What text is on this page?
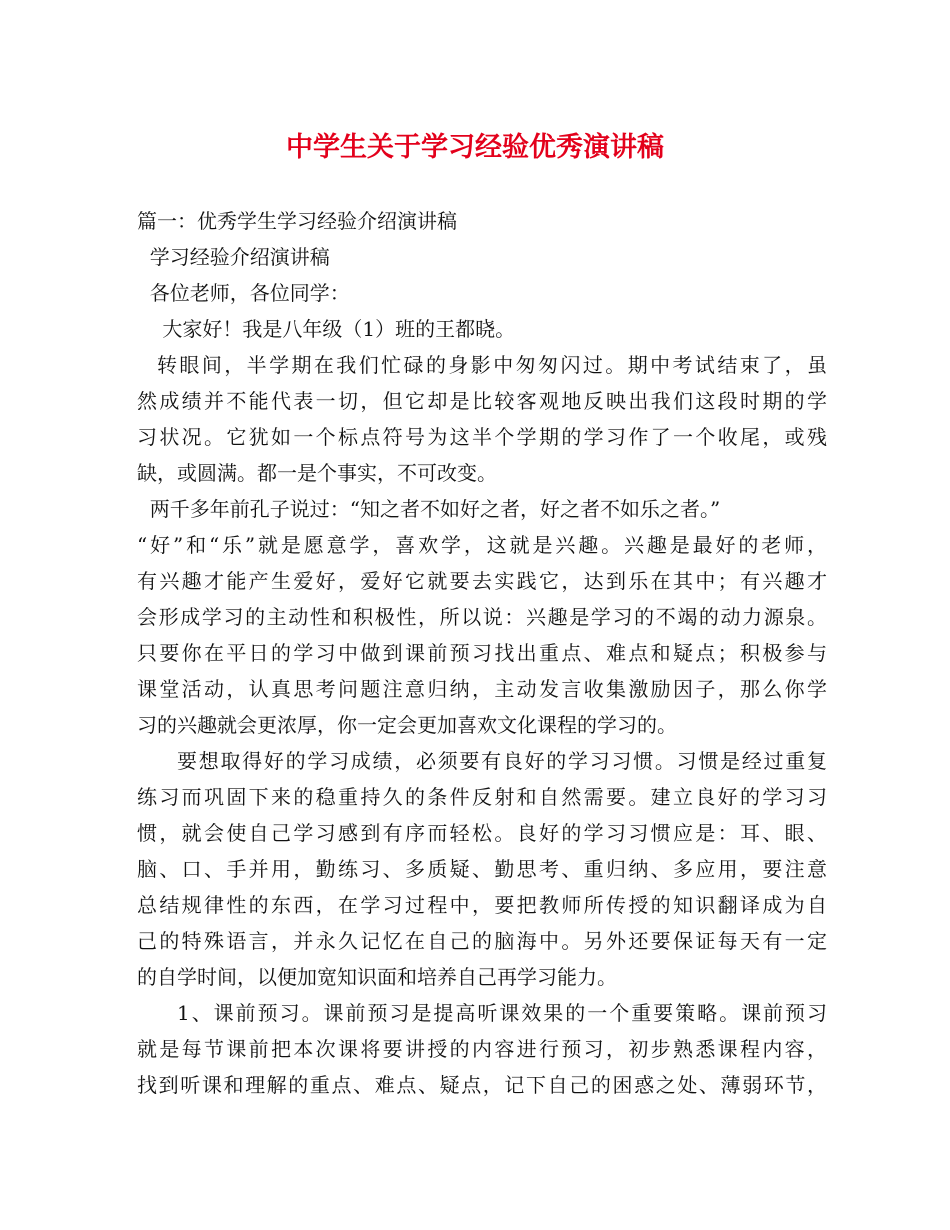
中学生关于学习经验优秀演讲稿
篇一：优秀学生学习经验介绍演讲稿
学习经验介绍演讲稿
各位老师，各位同学：
大家好！我是八年级（1）班的王都晓。
转眼间，半学期在我们忙碌的身影中匆匆闪过。期中考试结束了，虽
然成绩并不能代表一切，但它却是比较客观地反映出我们这段时期的学
习状况。它犹如一个标点符号为这半个学期的学习作了一个收尾，或残
缺，或圆满。都一是个事实，不可改变。
两千多年前孔子说过：“知之者不如好之者，好之者不如乐之者。”
“好”和“乐”就是愿意学，喜欢学，这就是兴趣。兴趣是最好的老师，
有兴趣才能产生爱好，爱好它就要去实践它，达到乐在其中；有兴趣才
会形成学习的主动性和积极性，所以说：兴趣是学习的不竭的动力源泉。
只要你在平日的学习中做到课前预习找出重点、难点和疑点；积极参与
课堂活动，认真思考问题注意归纳，主动发言收集激励因子，那么你学
习的兴趣就会更浓厚，你一定会更加喜欢文化课程的学习的。
要想取得好的学习成绩，必须要有良好的学习习惯。习惯是经过重复
练习而巩固下来的稳重持久的条件反射和自然需要。建立良好的学习习
惯，就会使自己学习感到有序而轻松。良好的学习习惯应是：耳、眼、
脑、口、手并用，勤练习、多质疑、勤思考、重归纳、多应用，要注意
总结规律性的东西，在学习过程中，要把教师所传授的知识翻译成为自
己的特殊语言，并永久记忆在自己的脑海中。另外还要保证每天有一定
的自学时间，以便加宽知识面和培养自己再学习能力。
1、课前预习。课前预习是提高听课效果的一个重要策略。课前预习
就是每节课前把本次课将要讲授的内容进行预习，初步熟悉课程内容，
找到听课和理解的重点、难点、疑点，记下自己的困惑之处、薄弱环节，
